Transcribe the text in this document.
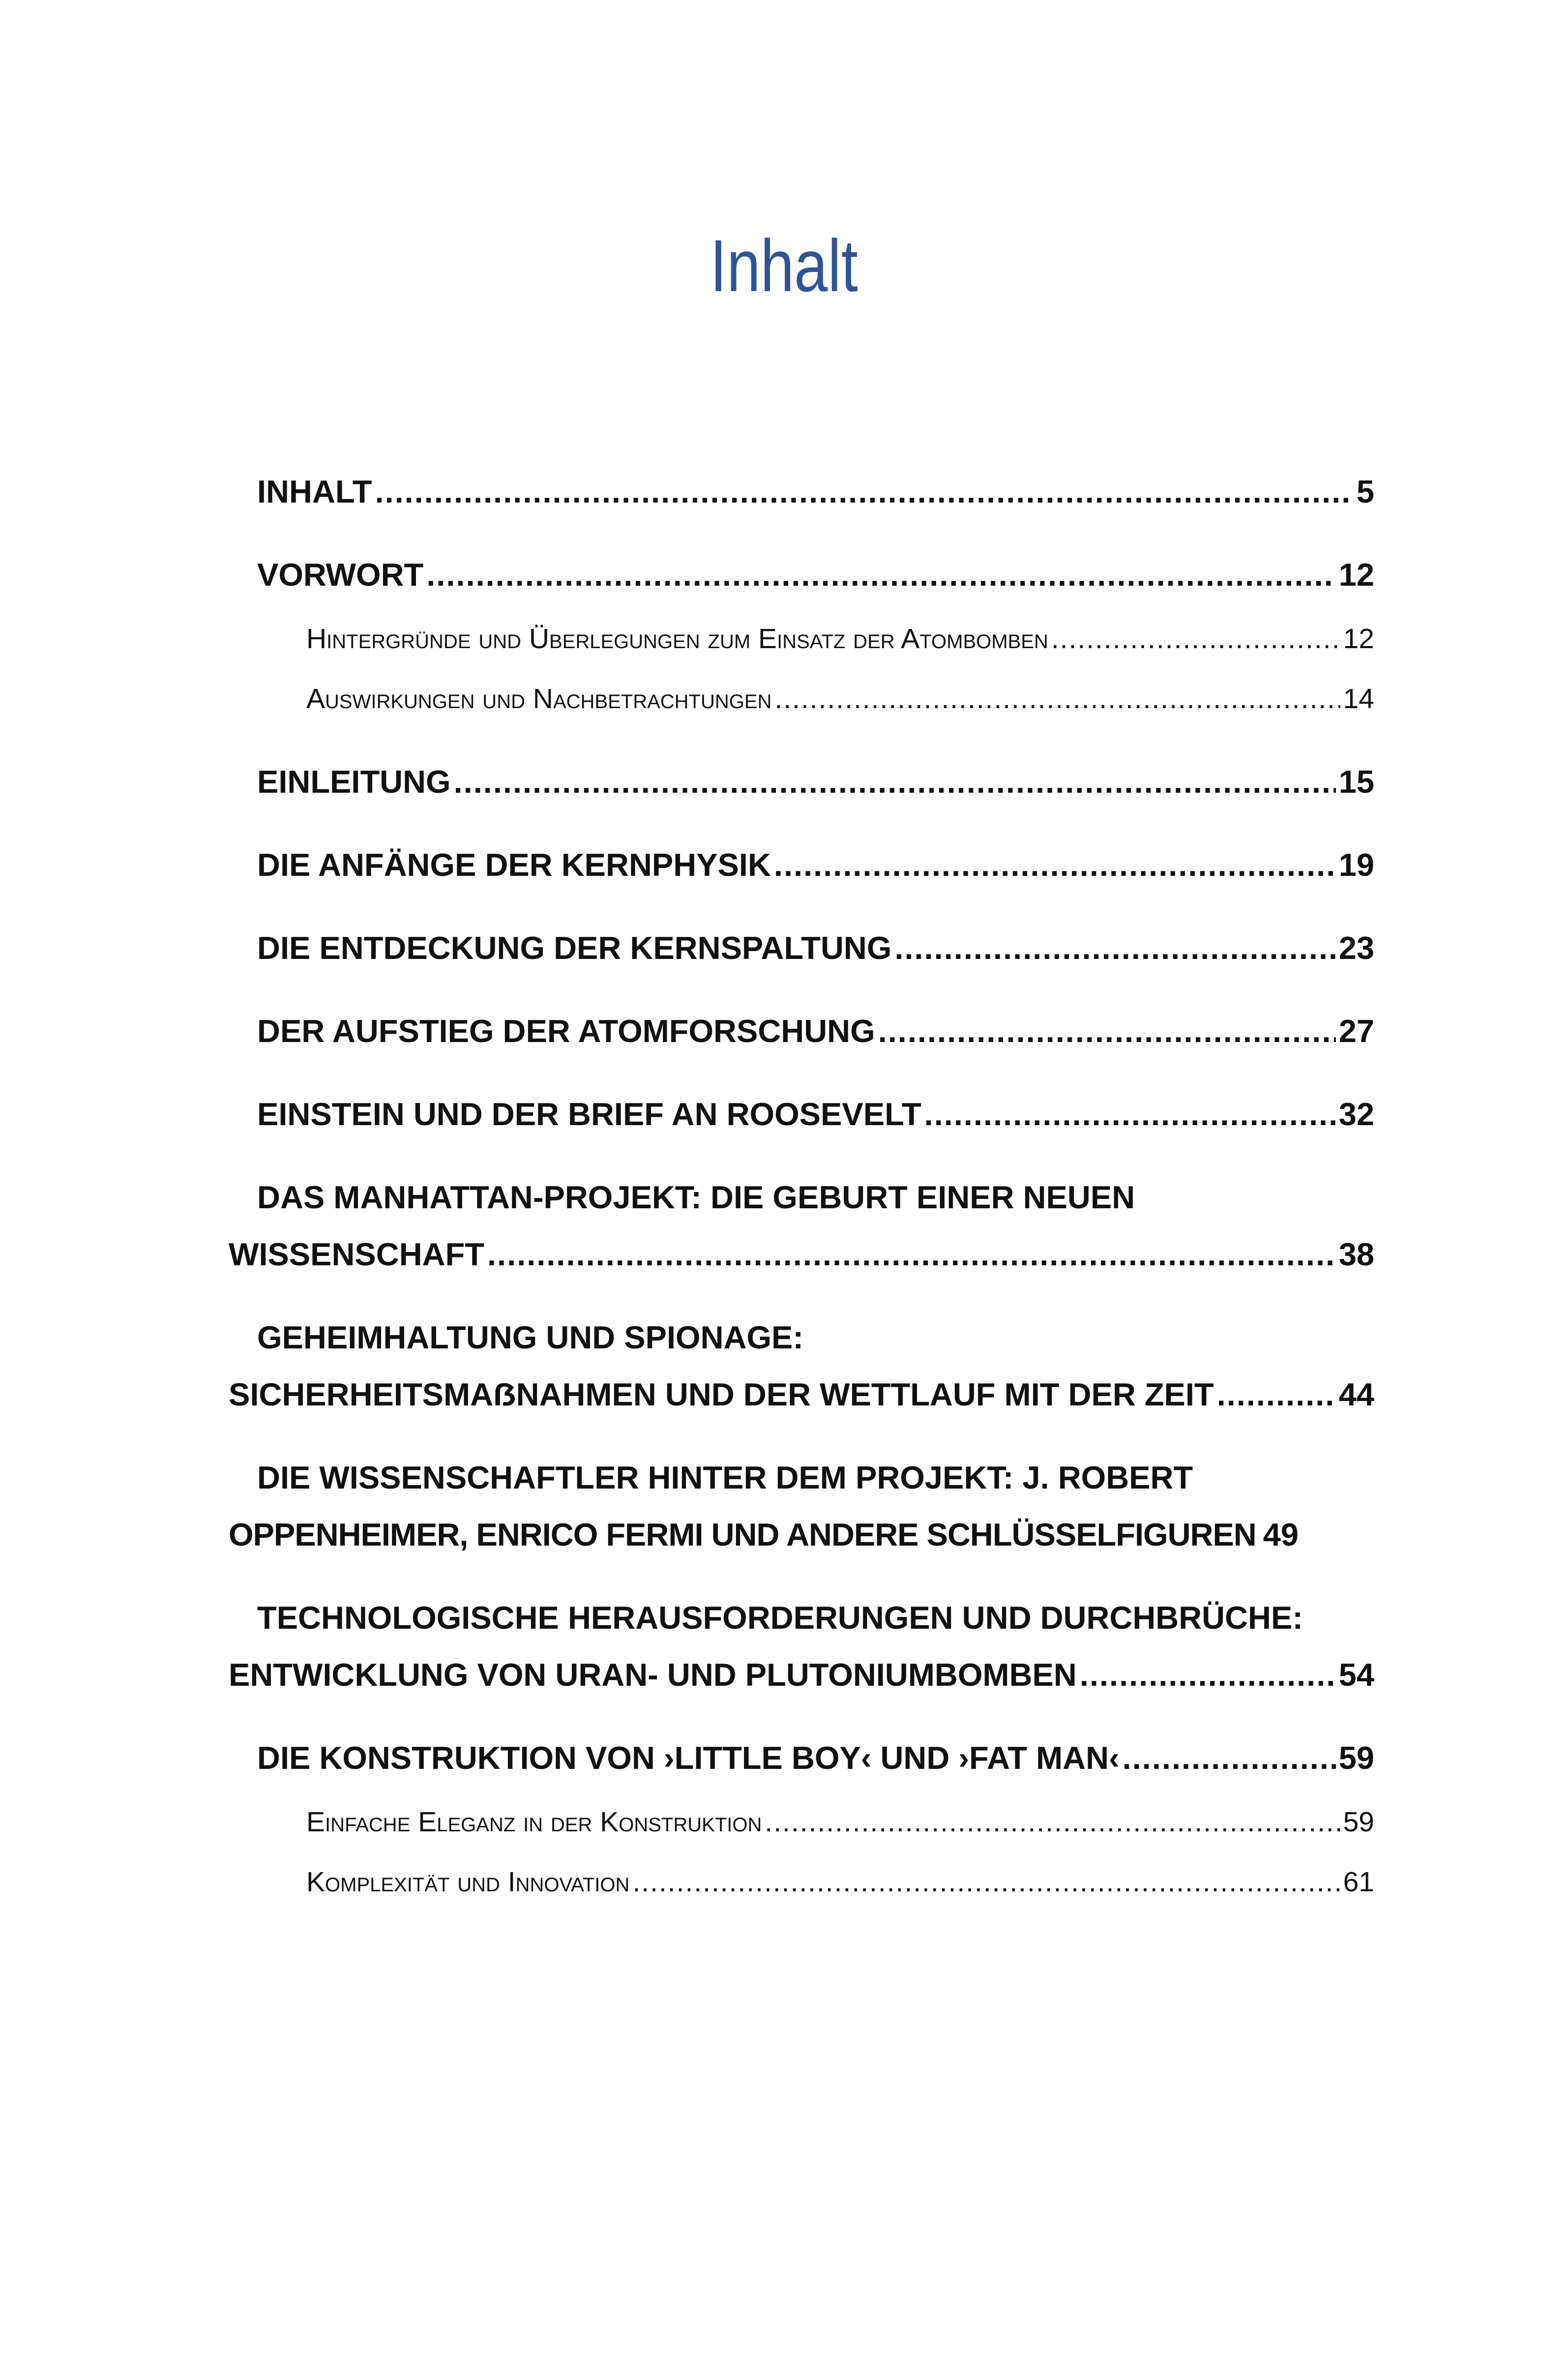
Inhalt
INHALT .....	5
VORWORT .....	12
Hintergründe und Überlegungen zum Einsatz der Atombomben .....	12
Auswirkungen und Nachbetrachtungen .....	14
EINLEITUNG .....	15
DIE ANFÄNGE DER KERNPHYSIK .....	19
DIE ENTDECKUNG DER KERNSPALTUNG .....	23
DER AUFSTIEG DER ATOMFORSCHUNG .....	27
EINSTEIN UND DER BRIEF AN ROOSEVELT .....	32
DAS MANHATTAN-PROJEKT: DIE GEBURT EINER NEUEN
WISSENSCHAFT .....	38
GEHEIMHALTUNG UND SPIONAGE:
SICHERHEITSMAẞNAHMEN UND DER WETTLAUF MIT DER ZEIT .....	44
DIE WISSENSCHAFTLER HINTER DEM PROJEKT: J. ROBERT
OPPENHEIMER, ENRICO FERMI UND ANDERE SCHLÜSSELFIGUREN 49
TECHNOLOGISCHE HERAUSFORDERUNGEN UND DURCHBRÜCHE:
ENTWICKLUNG VON URAN- UND PLUTONIUMBOMBEN .....	54
DIE KONSTRUKTION VON ›LITTLE BOY‹ UND ›FAT MAN‹ .....	59
Einfache Eleganz in der Konstruktion .....	59
Komplexität und Innovation .....	61
